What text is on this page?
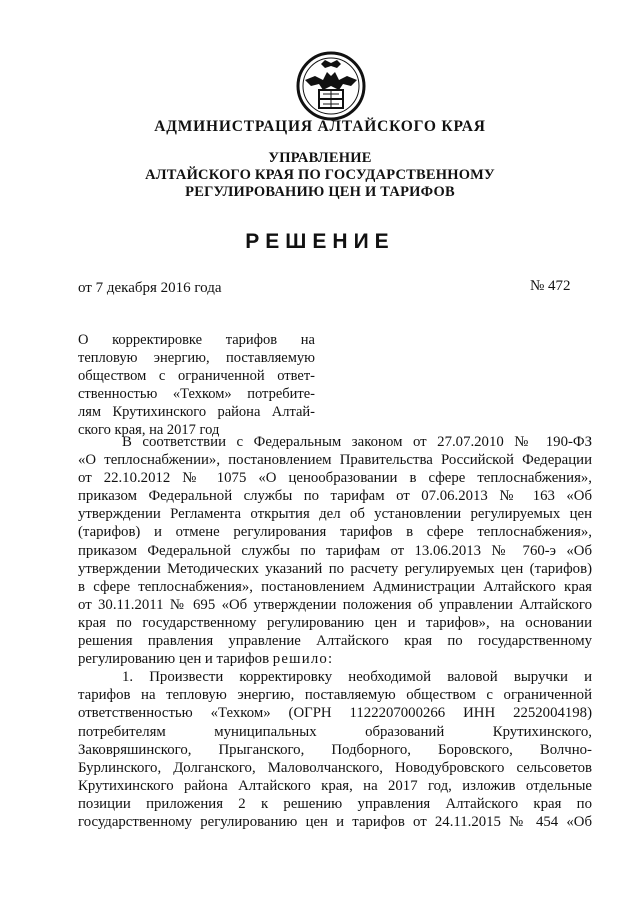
АДМИНИСТРАЦИЯ АЛТАЙСКОГО КРАЯ
УПРАВЛЕНИЕ
АЛТАЙСКОГО КРАЯ ПО ГОСУДАРСТВЕННОМУ
РЕГУЛИРОВАНИЮ ЦЕН И ТАРИФОВ
РЕШЕНИЕ
от 7 декабря 2016 года	№ 472
О корректировке тарифов на
тепловую энергию, поставляемую
обществом с ограниченной ответ-
ственностью «Техком» потребите-
лям Крутихинского района Алтай-
ского края, на 2017 год
В соответствии с Федеральным законом от 27.07.2010 № 190-ФЗ
«О теплоснабжении», постановлением Правительства Российской Федерации
от 22.10.2012 № 1075 «О ценообразовании в сфере теплоснабжения»,
приказом Федеральной службы по тарифам от 07.06.2013 № 163 «Об
утверждении Регламента открытия дел об установлении регулируемых цен
(тарифов) и отмене регулирования тарифов в сфере теплоснабжения»,
приказом Федеральной службы по тарифам от 13.06.2013 № 760-э «Об
утверждении Методических указаний по расчету регулируемых цен (тарифов)
в сфере теплоснабжения», постановлением Администрации Алтайского края
от 30.11.2011 № 695 «Об утверждении положения об управлении Алтайского
края по государственному регулированию цен и тарифов», на основании
решения правления управление Алтайского края по государственному
регулированию цен и тарифов решило:
1. Произвести корректировку необходимой валовой выручки и
тарифов на тепловую энергию, поставляемую обществом с ограниченной
ответственностью «Техком» (ОГРН 1122207000266 ИНН 2252004198)
потребителям муниципальных образований Крутихинского,
Заковряшинского, Прыганского, Подборного, Боровского, Волчно-
Бурлинского, Долганского, Маловолчанского, Новодубровского сельсоветов
Крутихинского района Алтайского края, на 2017 год, изложив отдельные
позиции приложения 2 к решению управления Алтайского края по
государственному регулированию цен и тарифов от 24.11.2015 № 454 «Об
